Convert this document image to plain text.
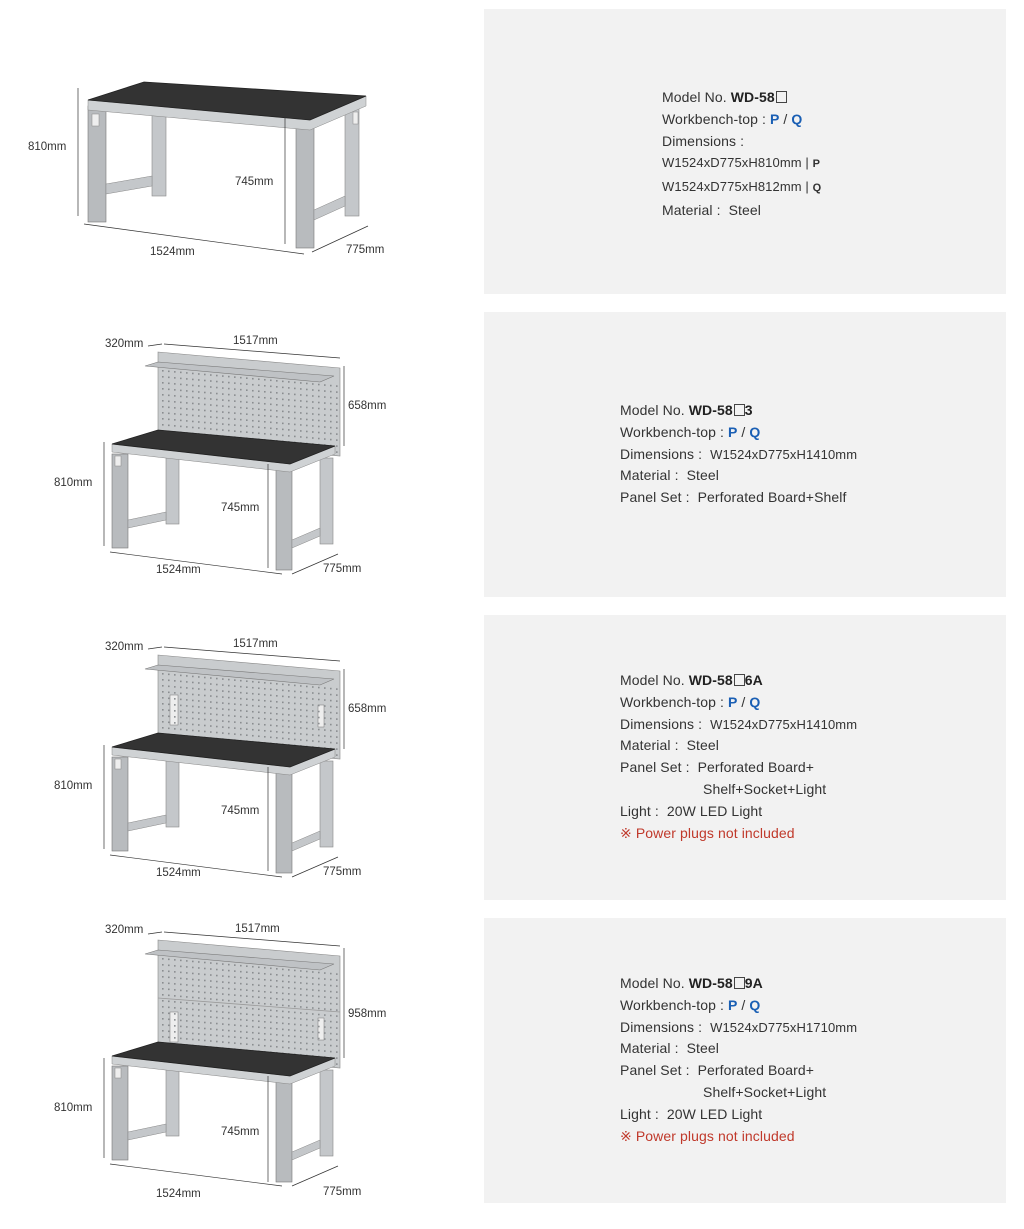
810mm
745mm
1524mm	775mm
Model No. WD-58
Workbench-top : P / Q
Dimensions :
W1524xD775xH810mm | P
W1524xD775xH812mm | Q
Material : Steel
320mm	1517mm
658mm
810mm
745mm
1524mm	775mm
Model No. WD-58 3
Workbench-top : P / Q
Dimensions : W1524xD775xH1410mm
Material : Steel
Panel Set : Perforated Board+Shelf
320mm	1517mm
658mm
810mm
745mm
1524mm	775mm
Model No. WD-58 6A
Workbench-top : P / Q
Dimensions : W1524xD775xH1410mm
Material : Steel
Panel Set : Perforated Board+
Shelf+Socket+Light
Light : 20W LED Light
※ Power plugs not included
320mm	1517mm
958mm
810mm
745mm
1524mm	775mm
Model No. WD-58 9A
Workbench-top : P / Q
Dimensions : W1524xD775xH1710mm
Material : Steel
Panel Set : Perforated Board+
Shelf+Socket+Light
Light : 20W LED Light
※ Power plugs not included
